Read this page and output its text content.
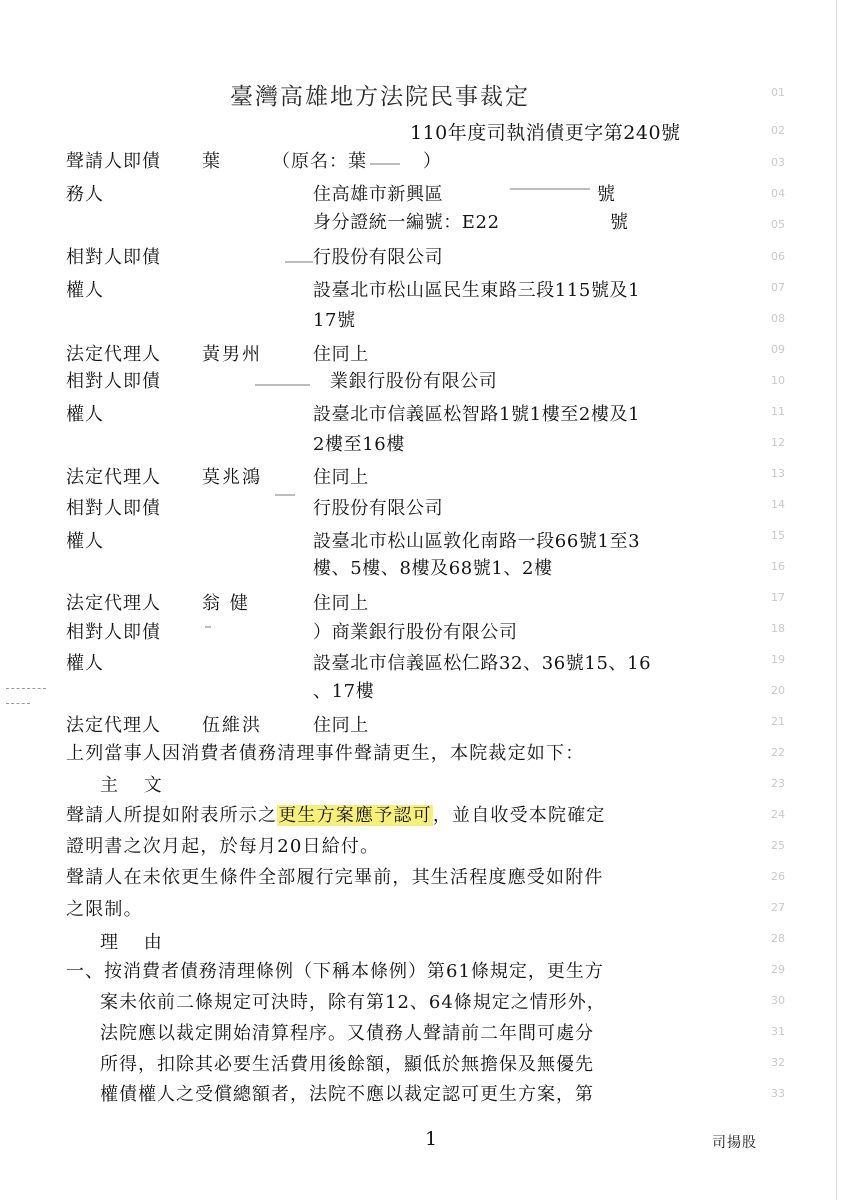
臺灣高雄地方法院民事裁定
110年度司執消債更字第240號
聲請人即債 葉	（原名：葉	）
務人	住高雄市新興區	號
身分證統一編號：E22	號
相對人即債	行股份有限公司
權人	設臺北市松山區民生東路三段115號及1
17號
法定代理人 黃男州	住同上
相對人即債	業銀行股份有限公司
權人	設臺北市信義區松智路1號1樓至2樓及1
2樓至16樓
法定代理人 莫兆鴻	住同上
相對人即債	行股份有限公司
權人	設臺北市松山區敦化南路一段66號1至3
樓、5樓、8樓及68號1、2樓
法定代理人 翁 健	住同上
相對人即債	）商業銀行股份有限公司
權人	設臺北市信義區松仁路32、36號15、16
、17樓
法定代理人 伍維洪	住同上
上列當事人因消費者債務清理事件聲請更生，本院裁定如下：
主 文
聲請人所提如附表所示之更生方案應予認可，並自收受本院確定
證明書之次月起，於每月20日給付。
聲請人在未依更生條件全部履行完畢前，其生活程度應受如附件
之限制。
理 由
一、按消費者債務清理條例（下稱本條例）第61條規定，更生方
案未依前二條規定可決時，除有第12、64條規定之情形外，
法院應以裁定開始清算程序。又債務人聲請前二年間可處分
所得，扣除其必要生活費用後餘額，顯低於無擔保及無優先
權債權人之受償總額者，法院不應以裁定認可更生方案，第
01
02
03
04
05
06
07
08
09
10
11
12
13
14
15
16
17
18
19
20
21
22
23
24
25
26
27
28
29
30
31
32
33
1	司揚股
